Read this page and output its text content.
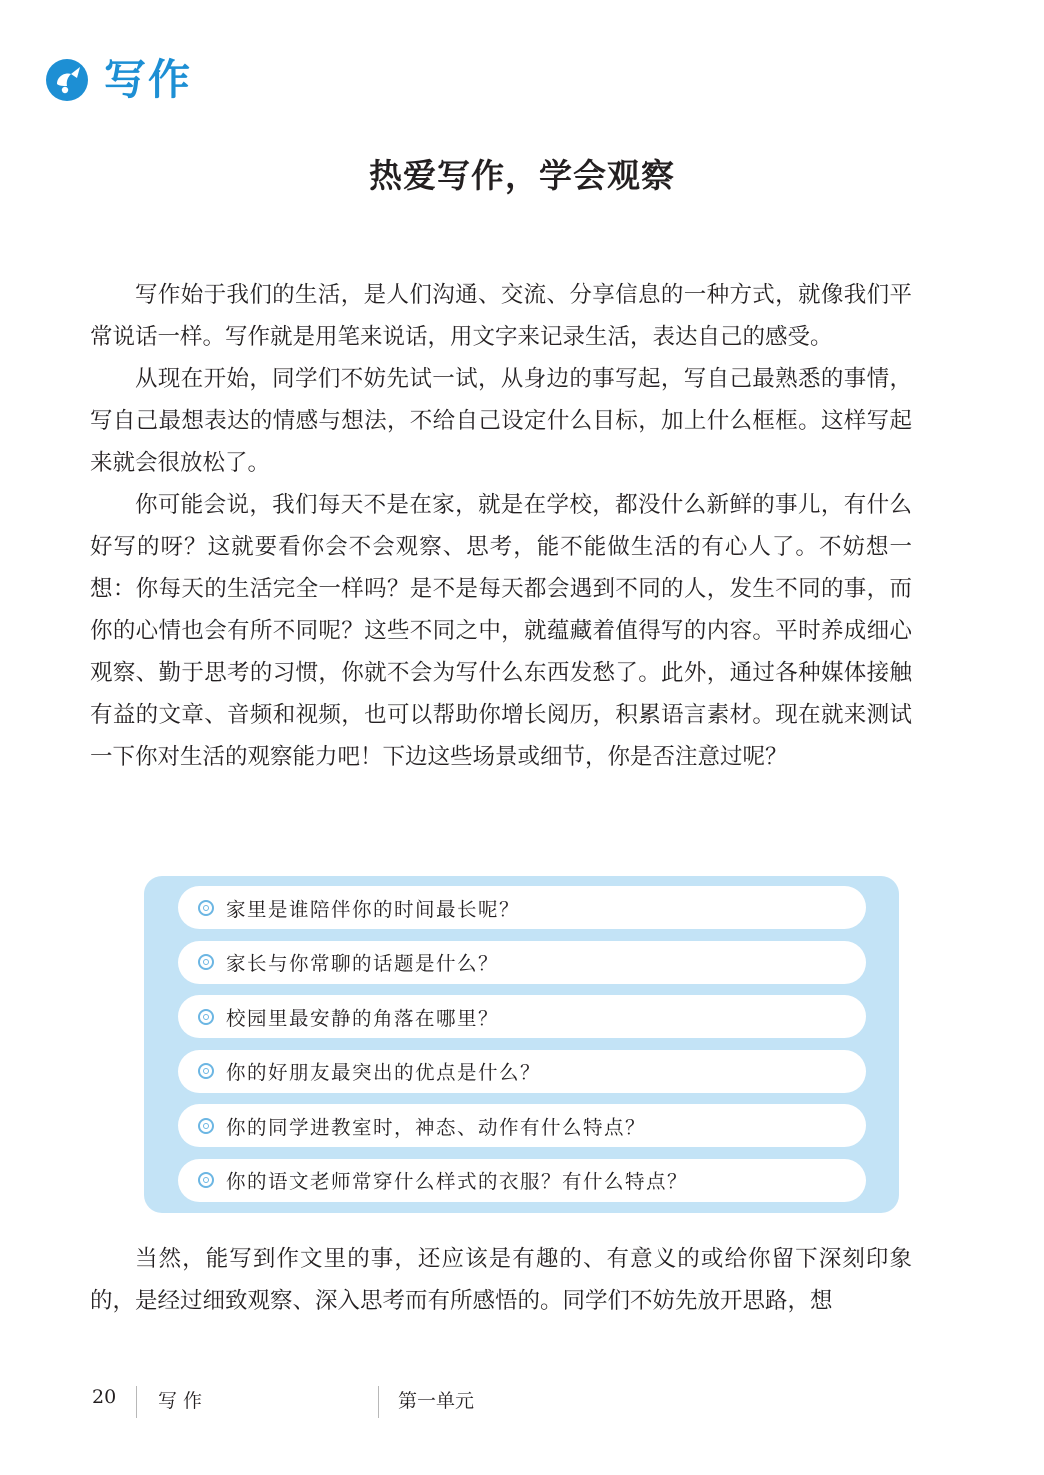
写作
热爱写作，学会观察

写作始于我们的生活，是人们沟通、交流、分享信息的一种方式，就像我们平常说话一样。写作就是用笔来说话，用文字来记录生活，表达自己的感受。

从现在开始，同学们不妨先试一试，从身边的事写起，写自己最熟悉的事情，写自己最想表达的情感与想法，不给自己设定什么目标，加上什么框框。这样写起来就会很放松了。

你可能会说，我们每天不是在家，就是在学校，都没什么新鲜的事儿，有什么好写的呀？这就要看你会不会观察、思考，能不能做生活的有心人了。不妨想一想：你每天的生活完全一样吗？是不是每天都会遇到不同的人，发生不同的事，而你的心情也会有所不同呢？这些不同之中，就蕴藏着值得写的内容。平时养成细心观察、勤于思考的习惯，你就不会为写什么东西发愁了。此外，通过各种媒体接触有益的文章、音频和视频，也可以帮助你增长阅历，积累语言素材。现在就来测试一下你对生活的观察能力吧！下边这些场景或细节，你是否注意过呢？

家里是谁陪伴你的时间最长呢？
家长与你常聊的话题是什么？
校园里最安静的角落在哪里？
你的好朋友最突出的优点是什么？
你的同学进教室时，神态、动作有什么特点？
你的语文老师常穿什么样式的衣服？有什么特点？

当然，能写到作文里的事，还应该是有趣的、有意义的或给你留下深刻印象的，是经过细致观察、深入思考而有所感悟的。同学们不妨先放开思路，想

20 写 作	第一单元
